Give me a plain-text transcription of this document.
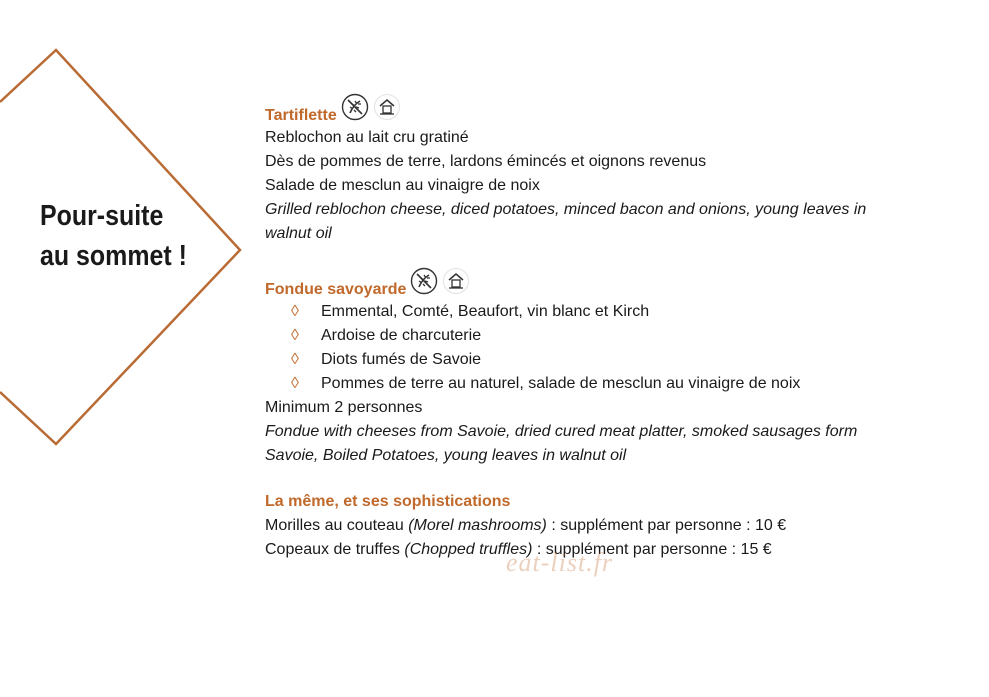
Pour-suite
au sommet !
Tartiflette
Reblochon au lait cru gratiné
Dès de pommes de terre, lardons émincés et oignons revenus
Salade de mesclun au vinaigre de noix
Grilled reblochon cheese, diced potatoes, minced bacon and onions, young leaves in
walnut oil
Fondue savoyarde
◊	Emmental, Comté, Beaufort, vin blanc et Kirch
◊	Ardoise de charcuterie
◊	Diots fumés de Savoie
◊	Pommes de terre au naturel, salade de mesclun au vinaigre de noix
Minimum 2 personnes
Fondue with cheeses from Savoie, dried cured meat platter, smoked sausages form
Savoie, Boiled Potatoes, young leaves in walnut oil
La même, et ses sophistications
Morilles au couteau (Morel mashrooms) : supplément par personne : 10 €
Copeaux de truffes (Chopped truffles) : supplément par personne : 15 €
eat-list.fr
